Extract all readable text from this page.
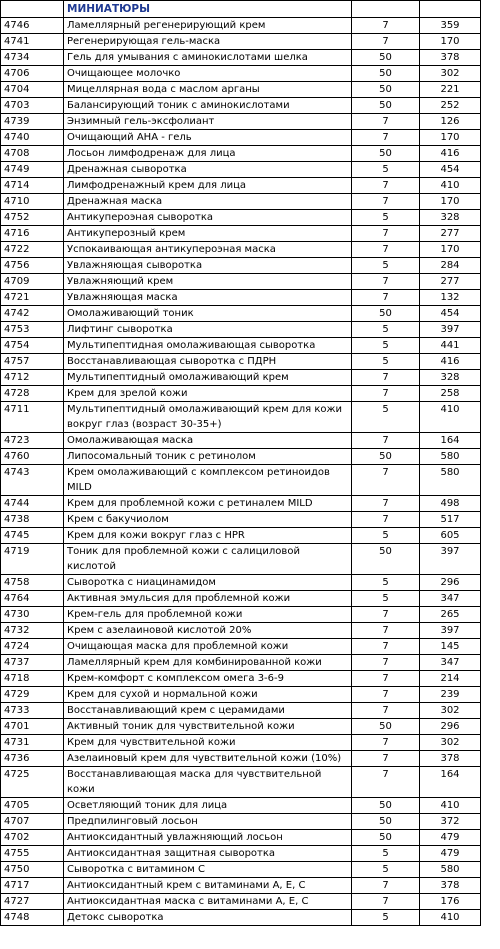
	МИНИАТЮРЫ		
4746	Ламеллярный регенерирующий крем	7	359
4741	Регенерирующая гель-маска	7	170
4734	Гель для умывания с аминокислотами шелка	50	378
4706	Очищающее молочко	50	302
4704	Мицеллярная вода с маслом арганы	50	221
4703	Балансирующий тоник с аминокислотами	50	252
4739	Энзимный гель-эксфолиант	7	126
4740	Очищающий АНА - гель	7	170
4708	Лосьон лимфодренаж для лица	50	416
4749	Дренажная сыворотка	5	454
4714	Лимфодренажный крем для лица	7	410
4710	Дренажная маска	7	170
4752	Антикупероэная сыворотка	5	328
4716	Антикуперозный крем	7	277
4722	Успокаивающая антикупероэная маска	7	170
4756	Увлажняющая сыворотка	5	284
4709	Увлажняющий крем	7	277
4721	Увлажняющая маска	7	132
4742	Омолаживающий тоник	50	454
4753	Лифтинг сыворотка	5	397
4754	Мультипептидная омолаживающая сыворотка	5	441
4757	Восстанавливающая сыворотка с ПДРН	5	416
4712	Мультипептидный омолаживающий крем	7	328
4728	Крем для зрелой кожи	7	258
4711	Мультипептидный омолаживающий крем для кожи вокруг глаз (возраст 30-35+)	5	410
4723	Омолаживающая маска	7	164
4760	Липосомальный тоник с ретинолом	50	580
4743	Крем омолаживающий с комплексом ретиноидов MILD	7	580
4744	Крем для проблемной кожи с ретиналем MILD	7	498
4738	Крем с бакучиолом	7	517
4745	Крем для кожи вокруг глаз с HPR	5	605
4719	Тоник для проблемной кожи с салициловой кислотой	50	397
4758	Сыворотка с ниацинамидом	5	296
4764	Активная эмульсия для проблемной кожи	5	347
4730	Крем-гель для проблемной кожи	7	265
4732	Крем с азелаиновой кислотой 20%	7	397
4724	Очищающая маска для проблемной кожи	7	145
4737	Ламеллярный крем для комбинированной кожи	7	347
4718	Крем-комфорт с комплексом омега 3-6-9	7	214
4729	Крем для сухой и нормальной кожи	7	239
4733	Восстанавливающий крем с церамидами	7	302
4701	Активный тоник для чувствительной кожи	50	296
4731	Крем для чувствительной кожи	7	302
4736	Азелаиновый крем для чувствительной кожи (10%)	7	378
4725	Восстанавливающая маска для чувствительной кожи	7	164
4705	Осветляющий тоник для лица	50	410
4707	Предпилинговый лосьон	50	372
4702	Антиоксидантный увлажняющий лосьон	50	479
4755	Антиоксидантная защитная сыворотка	5	479
4750	Сыворотка с витамином С	5	580
4717	Антиоксидантный крем с витаминами А, Е, С	7	378
4727	Антиоксидантная маска с витаминами А, Е, С	7	176
4748	Детокс сыворотка	5	410
